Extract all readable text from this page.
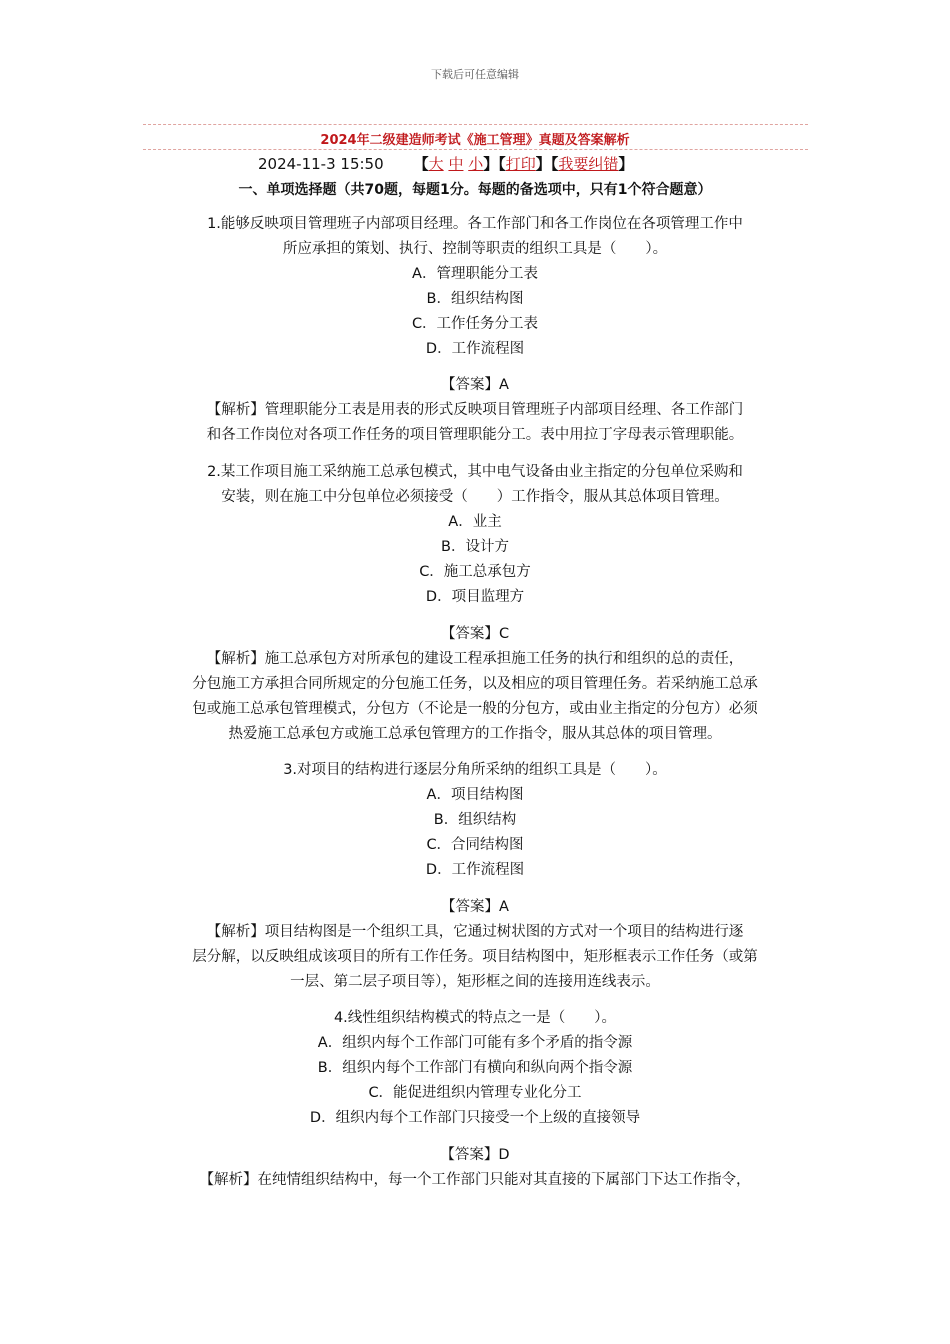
下载后可任意编辑
2024年二级建造师考试《施工管理》真题及答案解析
2024-11-3 15:50 【大 中 小】【打印】【我要纠错】
一、单项选择题（共70题，每题1分。每题的备选项中，只有1个符合题意）
1.能够反映项目管理班子内部项目经理。各工作部门和各工作岗位在各项管理工作中
所应承担的策划、执行、控制等职责的组织工具是（　　）。
A．管理职能分工表
B．组织结构图
C．工作任务分工表
D．工作流程图
【答案】A
【解析】管理职能分工表是用表的形式反映项目管理班子内部项目经理、各工作部门
和各工作岗位对各项工作任务的项目管理职能分工。表中用拉丁字母表示管理职能。
2.某工作项目施工采纳施工总承包模式，其中电气设备由业主指定的分包单位采购和
安装，则在施工中分包单位必须接受（　　）工作指令，服从其总体项目管理。
A．业主
B．设计方
C．施工总承包方
D．项目监理方
【答案】C
【解析】施工总承包方对所承包的建设工程承担施工任务的执行和组织的总的责任，
分包施工方承担合同所规定的分包施工任务，以及相应的项目管理任务。若采纳施工总承
包或施工总承包管理模式，分包方（不论是一般的分包方，或由业主指定的分包方）必须
热爱施工总承包方或施工总承包管理方的工作指令，服从其总体的项目管理。
3.对项目的结构进行逐层分角所采纳的组织工具是（　　）。
A．项目结构图
B．组织结构
C．合同结构图
D．工作流程图
【答案】A
【解析】项目结构图是一个组织工具，它通过树状图的方式对一个项目的结构进行逐
层分解，以反映组成该项目的所有工作任务。项目结构图中，矩形框表示工作任务（或第
一层、第二层子项目等），矩形框之间的连接用连线表示。
4.线性组织结构模式的特点之一是（　　）。
A．组织内每个工作部门可能有多个矛盾的指令源
B．组织内每个工作部门有横向和纵向两个指令源
C．能促进组织内管理专业化分工
D．组织内每个工作部门只接受一个上级的直接领导
【答案】D
【解析】在纯情组织结构中，每一个工作部门只能对其直接的下属部门下达工作指令，
